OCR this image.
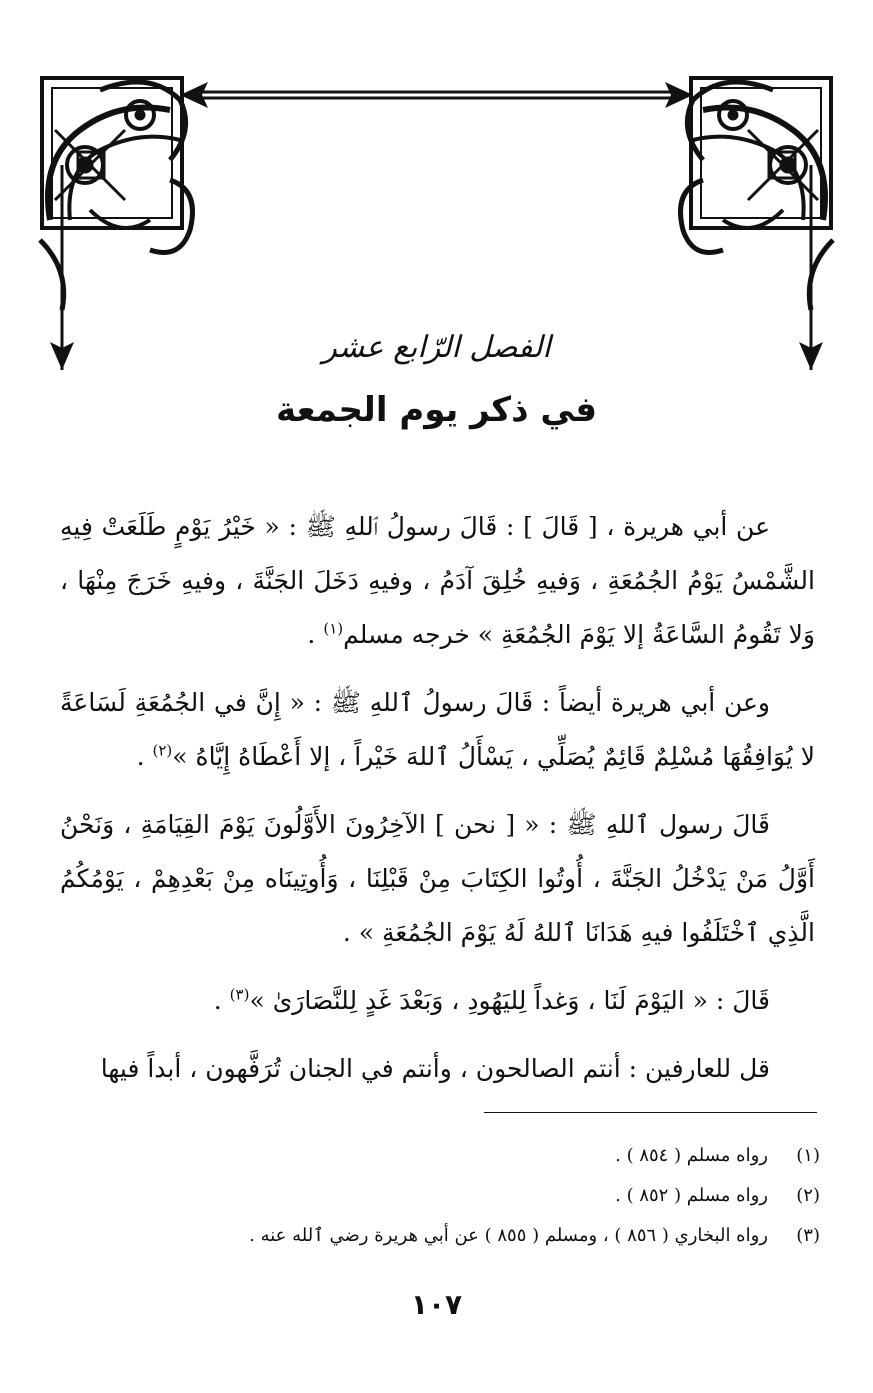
الفصل الرّابع عشر
في ذكر يوم الجمعة

عن أبي هريرة ، [ قَالَ ] : قَالَ رسولُ ٱللهِ ﷺ : « خَيْرُ يَوْمٍ طَلَعَتْ فِيهِ الشَّمْسُ يَوْمُ الجُمُعَةِ ، وَفيهِ خُلِقَ آدَمُ ، وفيهِ دَخَلَ الجَنَّةَ ، وفيهِ خَرَجَ مِنْهَا ، وَلا تَقُومُ السَّاعَةُ إلا يَوْمَ الجُمُعَةِ » خرجه مسلم$^{(١)}$ .

وعن أبي هريرة أيضاً : قَالَ رسولُ ٱللهِ ﷺ : « إِنَّ في الجُمُعَةِ لَسَاعَةً لا يُوَافِقُهَا مُسْلِمٌ قَائِمٌ يُصَلِّي ، يَسْأَلُ ٱللهَ خَيْراً ، إلا أَعْطَاهُ إِيَّاهُ »$^{(٢)}$ .

قَالَ رسول ٱللهِ ﷺ : « [ نحن ] الآخِرُونَ الأَوَّلُونَ يَوْمَ القِيَامَةِ ، وَنَحْنُ أَوَّلُ مَنْ يَدْخُلُ الجَنَّةَ ، أُوتُوا الكِتَابَ مِنْ قَبْلِنَا ، وَأُوتِينَاه مِنْ بَعْدِهِمْ ، يَوْمُكُمُ الَّذِي ٱخْتَلَفُوا فيهِ هَدَانَا ٱللهُ لَهُ يَوْمَ الجُمُعَةِ » .

قَالَ : « اليَوْمَ لَنَا ، وَغداً لِليَهُودِ ، وَبَعْدَ غَدٍ لِلنَّصَارَىٰ »$^{(٣)}$ .

قل للعارفين : أنتم الصالحون ، وأنتم في الجنان تُرَفَّهون ، أبداً فيها

(١)
رواه مسلم ( ٨٥٤ ) .
(٢)
رواه مسلم ( ٨٥٢ ) .
(٣)
رواه البخاري ( ٨٥٦ ) ، ومسلم ( ٨٥٥ ) عن أبي هريرة رضي ٱلله عنه .
١٠٧
